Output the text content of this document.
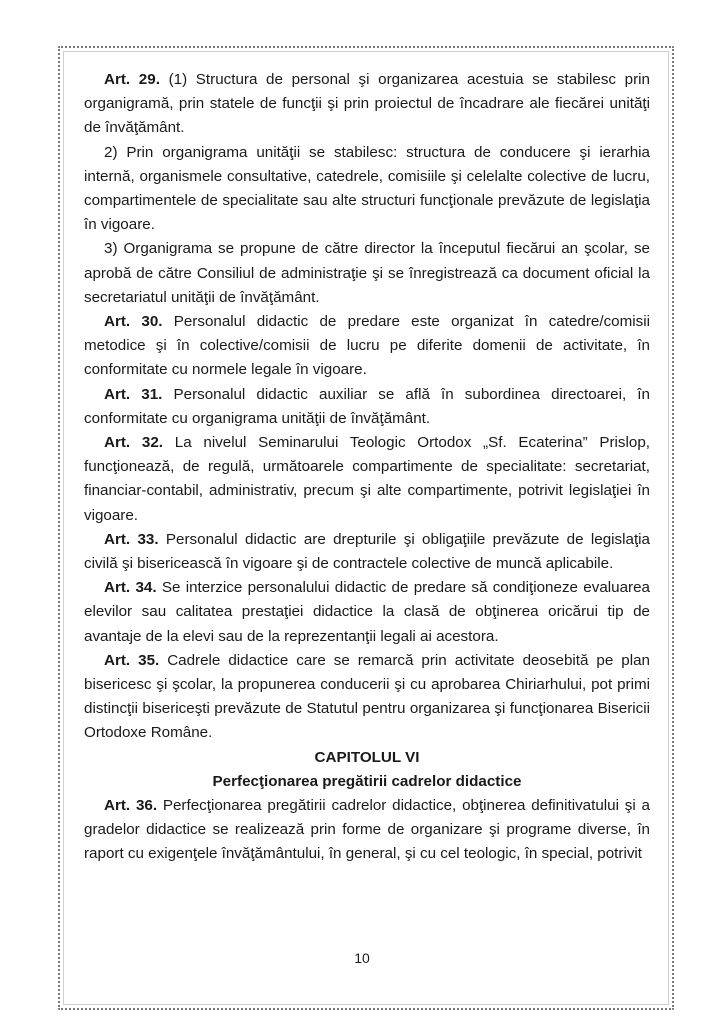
Art. 29. (1) Structura de personal şi organizarea acestuia se stabilesc prin organigramă, prin statele de funcţii şi prin proiectul de încadrare ale fiecărei unităţi de învăţământ.

2) Prin organigrama unităţii se stabilesc: structura de conducere şi ierarhia internă, organismele consultative, catedrele, comisiile şi celelalte colective de lucru, compartimentele de specialitate sau alte structuri funcţionale prevăzute de legislaţia în vigoare.

3) Organigrama se propune de către director la începutul fiecărui an şcolar, se aprobă de către Consiliul de administraţie şi se înregistrează ca document oficial la secretariatul unităţii de învăţământ.

Art. 30. Personalul didactic de predare este organizat în catedre/comisii metodice şi în colective/comisii de lucru pe diferite domenii de activitate, în conformitate cu normele legale în vigoare.

Art. 31. Personalul didactic auxiliar se află în subordinea directoarei, în conformitate cu organigrama unităţii de învăţământ.

Art. 32. La nivelul Seminarului Teologic Ortodox „Sf. Ecaterina” Prislop, funcţionează, de regulă, următoarele compartimente de specialitate: secretariat, financiar-contabil, administrativ, precum şi alte compartimente, potrivit legislaţiei în vigoare.

Art. 33. Personalul didactic are drepturile şi obligaţiile prevăzute de legislaţia civilă şi bisericească în vigoare şi de contractele colective de muncă aplicabile.

Art. 34. Se interzice personalului didactic de predare să condiţioneze evaluarea elevilor sau calitatea prestaţiei didactice la clasă de obţinerea oricărui tip de avantaje de la elevi sau de la reprezentanţii legali ai acestora.

Art. 35. Cadrele didactice care se remarcă prin activitate deosebită pe plan bisericesc şi şcolar, la propunerea conducerii şi cu aprobarea Chiriarhului, pot primi distincţii bisericeşti prevăzute de Statutul pentru organizarea şi funcţionarea Bisericii Ortodoxe Române.

CAPITOLUL VI

Perfecţionarea pregătirii cadrelor didactice

Art. 36. Perfecţionarea pregătirii cadrelor didactice, obţinerea definitivatului şi a gradelor didactice se realizează prin forme de organizare şi programe diverse, în raport cu exigenţele învăţământului, în general, şi cu cel teologic, în special, potrivit

10
